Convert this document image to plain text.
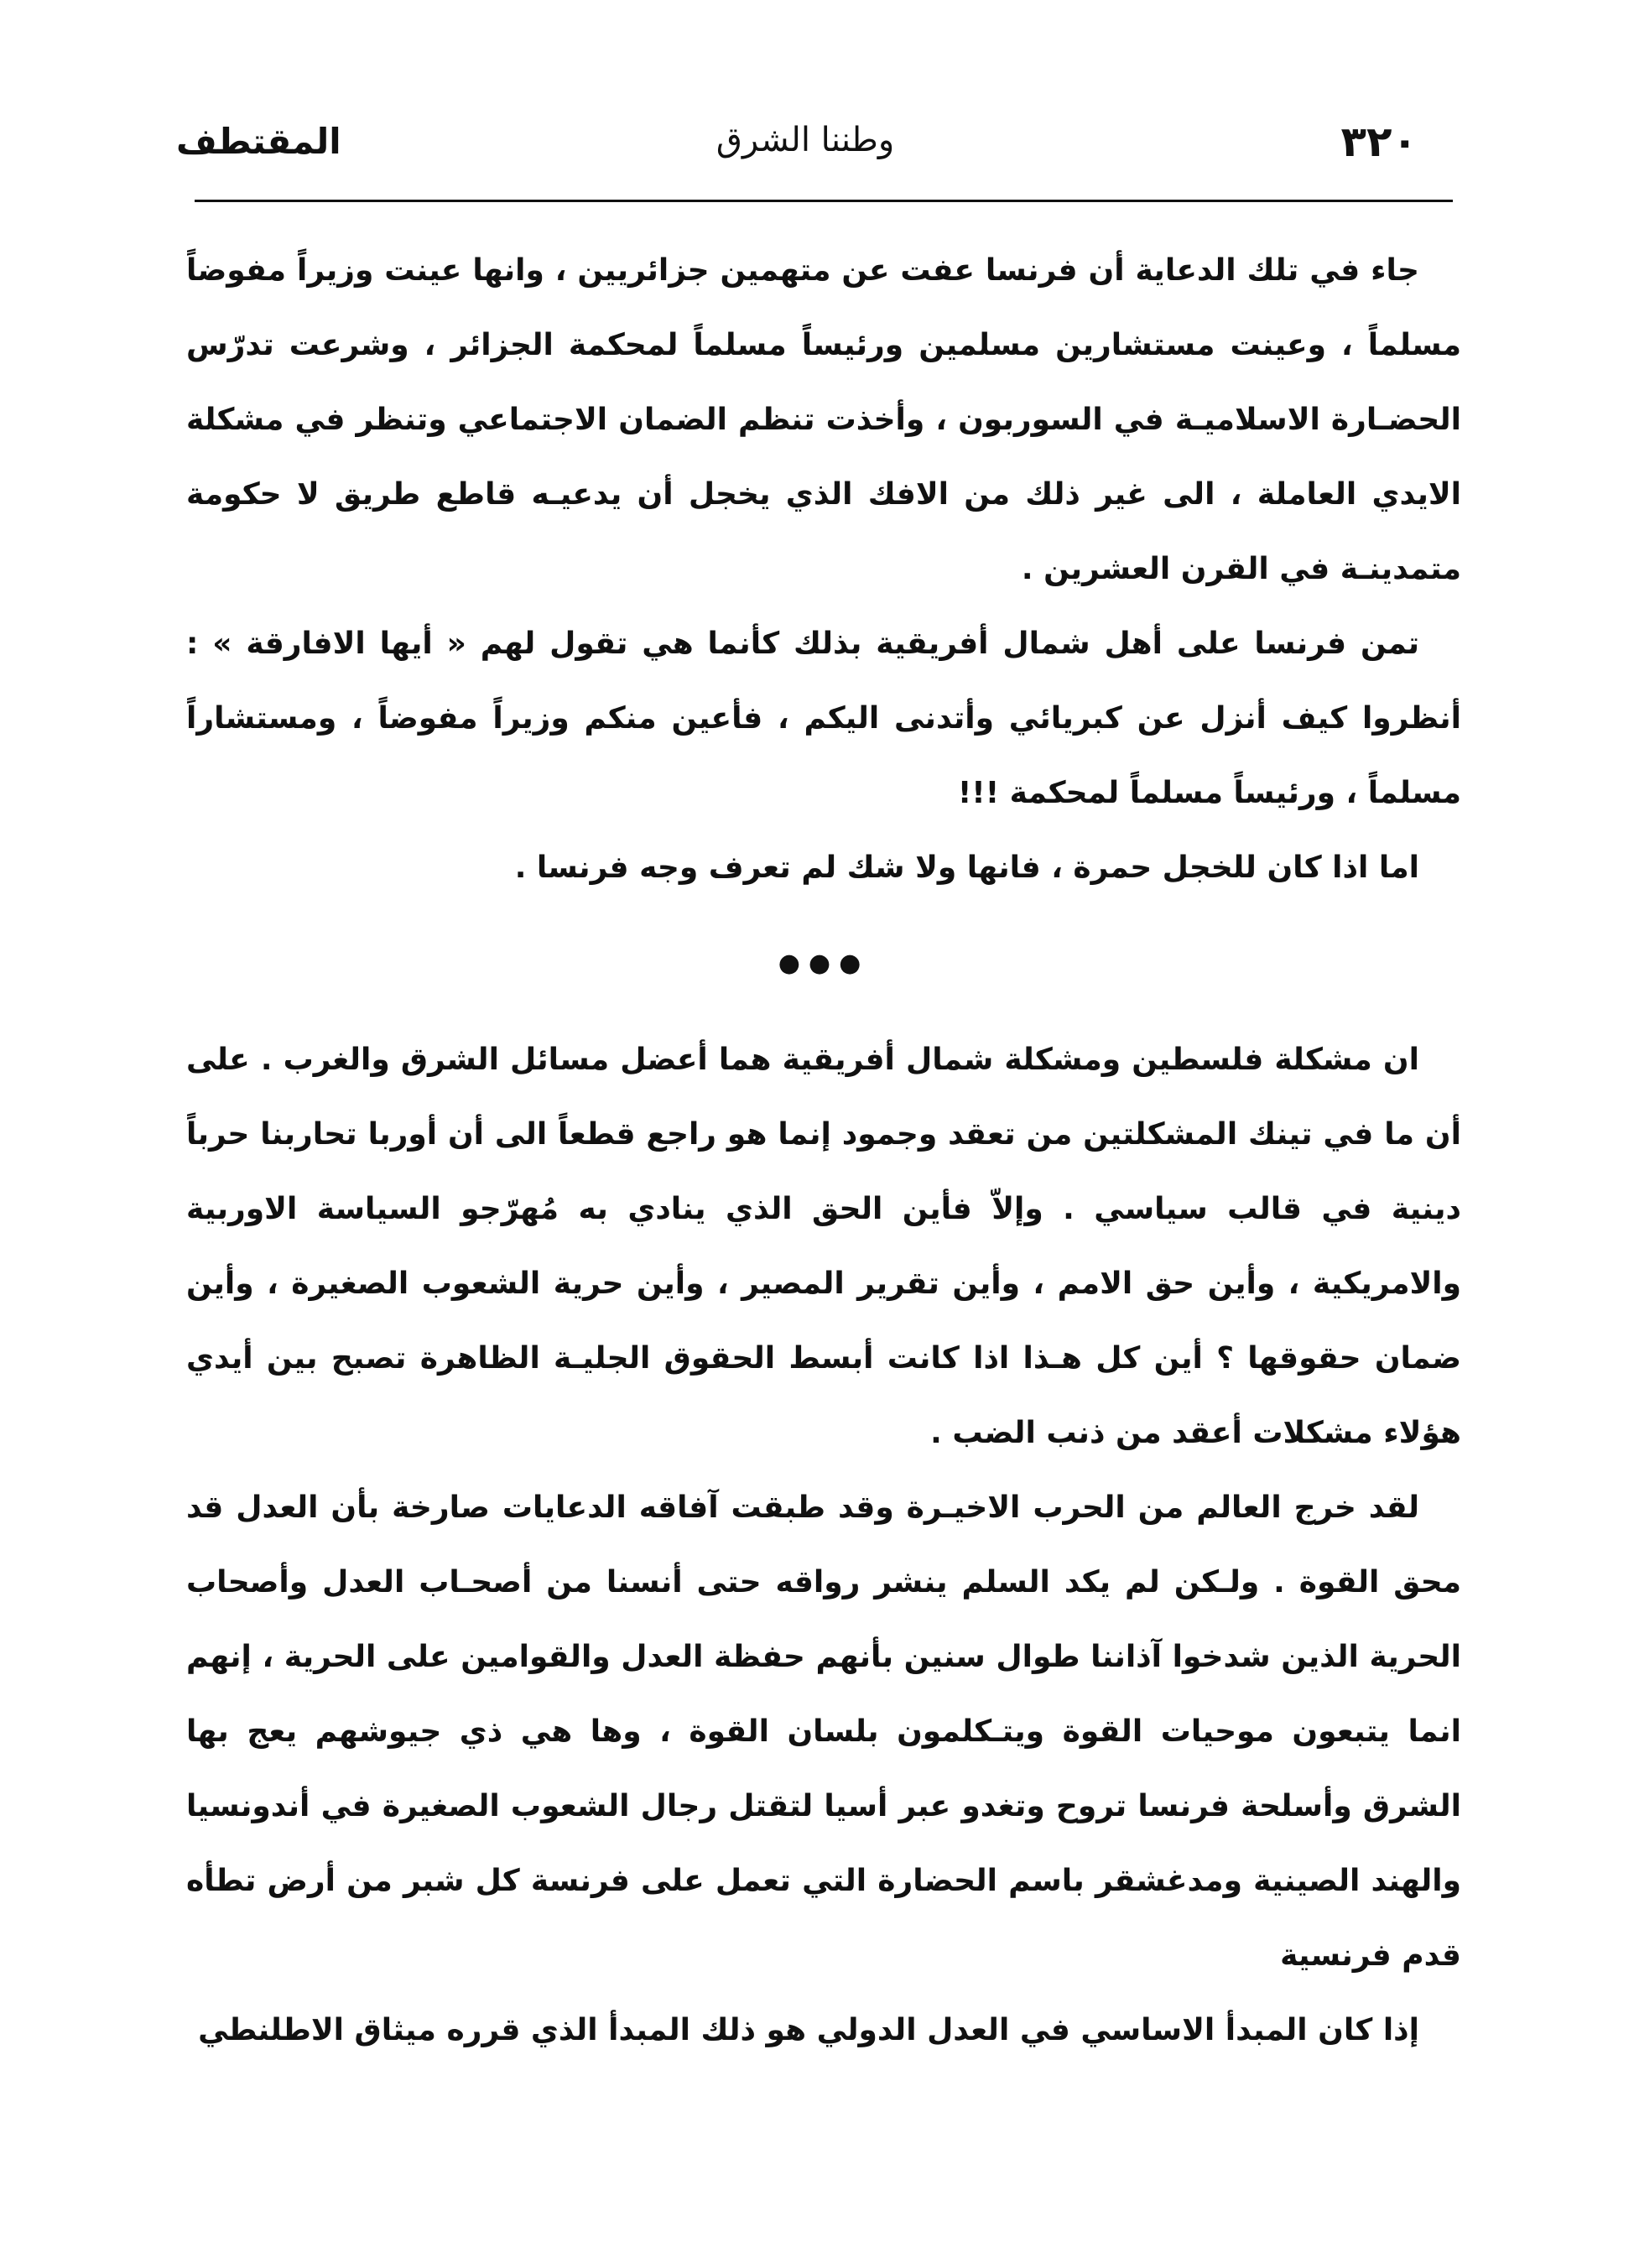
٣٢٠
وطننا الشرق
المقتطف

جاء في تلك الدعاية أن فرنسا عفت عن متهمين جزائريين ، وانها عينت وزيراً مفوضاً مسلماً ، وعينت مستشارين مسلمين ورئيساً مسلماً لمحكمة الجزائر ، وشرعت تدرّس الحضـارة الاسلاميـة في السوربون ، وأخذت تنظم الضمان الاجتماعي وتنظر في مشكلة الايدي العاملة ، الى غير ذلك من الافك الذي يخجل أن يدعيـه قاطع طريق لا حكومة متمدينـة في القرن العشرين .

تمن فرنسا على أهل شمال أفريقية بذلك كأنما هي تقول لهم « أيها الافارقة » : أنظروا كيف أنزل عن كبريائي وأتدنى اليكم ، فأعين منكم وزيراً مفوضاً ، ومستشاراً مسلماً ، ورئيساً مسلماً لمحكمة !!!

اما اذا كان للخجل حمرة ، فانها ولا شك لم تعرف وجه فرنسا .

●●●

ان مشكلة فلسطين ومشكلة شمال أفريقية هما أعضل مسائل الشرق والغرب . على أن ما في تينك المشكلتين من تعقد وجمود إنما هو راجع قطعاً الى أن أوربا تحاربنا حرباً دينية في قالب سياسي . وإلاّ فأين الحق الذي ينادي به مُهرّجو السياسة الاوربية والامريكية ، وأين حق الامم ، وأين تقرير المصير ، وأين حرية الشعوب الصغيرة ، وأين ضمان حقوقها ؟ أين كل هـذا اذا كانت أبسط الحقوق الجليـة الظاهرة تصبح بين أيدي هؤلاء مشكلات أعقد من ذنب الضب .

لقد خرج العالم من الحرب الاخيـرة وقد طبقت آفاقه الدعايات صارخة بأن العدل قد محق القوة . ولـكن لم يكد السلم ينشر رواقه حتى أنسنا من أصحـاب العدل وأصحاب الحرية الذين شدخوا آذاننا طوال سنين بأنهم حفظة العدل والقوامين على الحرية ، إنهم انما يتبعون موحيات القوة ويتـكلمون بلسان القوة ، وها هي ذي جيوشهم يعج بها الشرق وأسلحة فرنسا تروح وتغدو عبر أسيا لتقتل رجال الشعوب الصغيرة في أندونسيا والهند الصينية ومدغشقر باسم الحضارة التي تعمل على فرنسة كل شبر من أرض تطأه قدم فرنسية

إذا كان المبدأ الاساسي في العدل الدولي هو ذلك المبدأ الذي قرره ميثاق الاطلنطي
